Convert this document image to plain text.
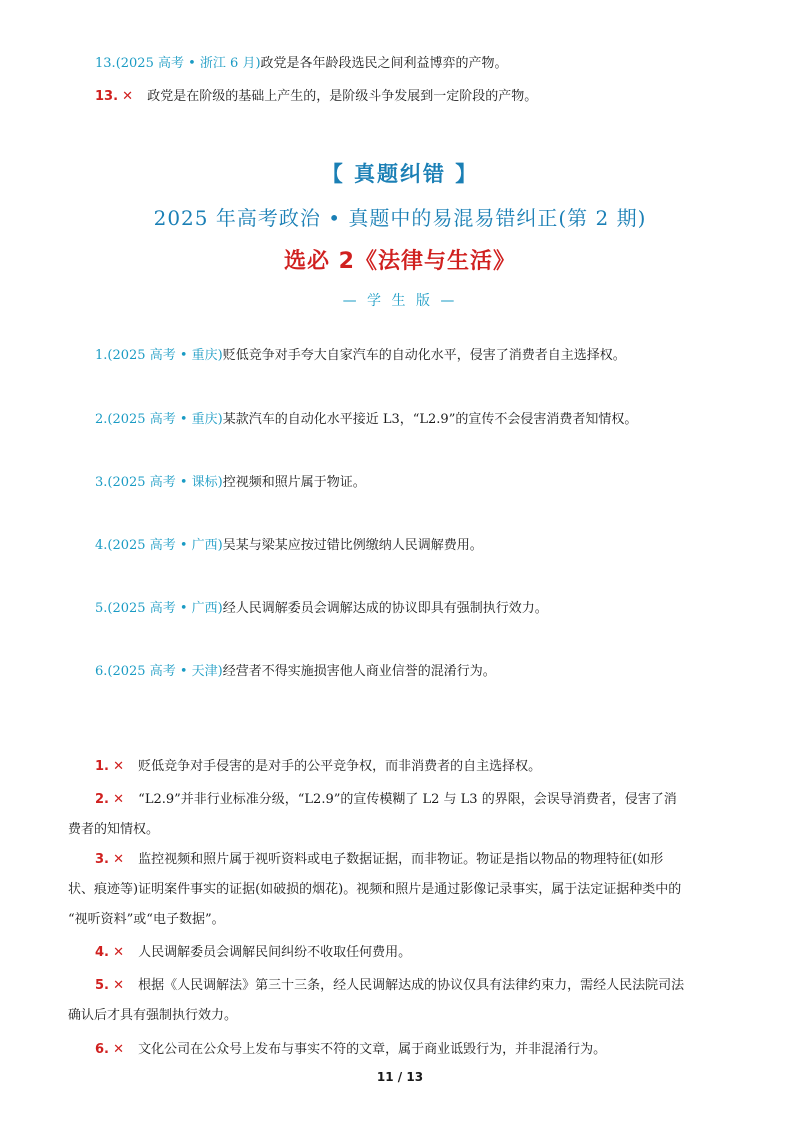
13.(2025 高考 • 浙江 6 月)政党是各年龄段选民之间利益博弈的产物。
13. ✕ 政党是在阶级的基础上产生的，是阶级斗争发展到一定阶段的产物。
【 真题纠错 】
2025 年高考政治 • 真题中的易混易错纠正(第 2 期)
选必 2《法律与生活》
— 学 生 版 —
1.(2025 高考 • 重庆)贬低竞争对手夸大自家汽车的自动化水平，侵害了消费者自主选择权。
2.(2025 高考 • 重庆)某款汽车的自动化水平接近 L3，“L2.9”的宣传不会侵害消费者知情权。
3.(2025 高考 • 课标)控视频和照片属于物证。
4.(2025 高考 • 广西)吴某与梁某应按过错比例缴纳人民调解费用。
5.(2025 高考 • 广西)经人民调解委员会调解达成的协议即具有强制执行效力。
6.(2025 高考 • 天津)经营者不得实施损害他人商业信誉的混淆行为。
1. ✕ 贬低竞争对手侵害的是对手的公平竞争权，而非消费者的自主选择权。
2. ✕ “L2.9”并非行业标准分级，“L2.9”的宣传模糊了 L2 与 L3 的界限，会误导消费者，侵害了消
费者的知情权。
3. ✕ 监控视频和照片属于视听资料或电子数据证据，而非物证。物证是指以物品的物理特征(如形
状、痕迹等)证明案件事实的证据(如破损的烟花)。视频和照片是通过影像记录事实，属于法定证据种类中的
“视听资料”或“电子数据”。
4. ✕ 人民调解委员会调解民间纠纷不收取任何费用。
5. ✕ 根据《人民调解法》第三十三条，经人民调解达成的协议仅具有法律约束力，需经人民法院司法
确认后才具有强制执行效力。
6. ✕ 文化公司在公众号上发布与事实不符的文章，属于商业诋毁行为，并非混淆行为。
11 / 13
